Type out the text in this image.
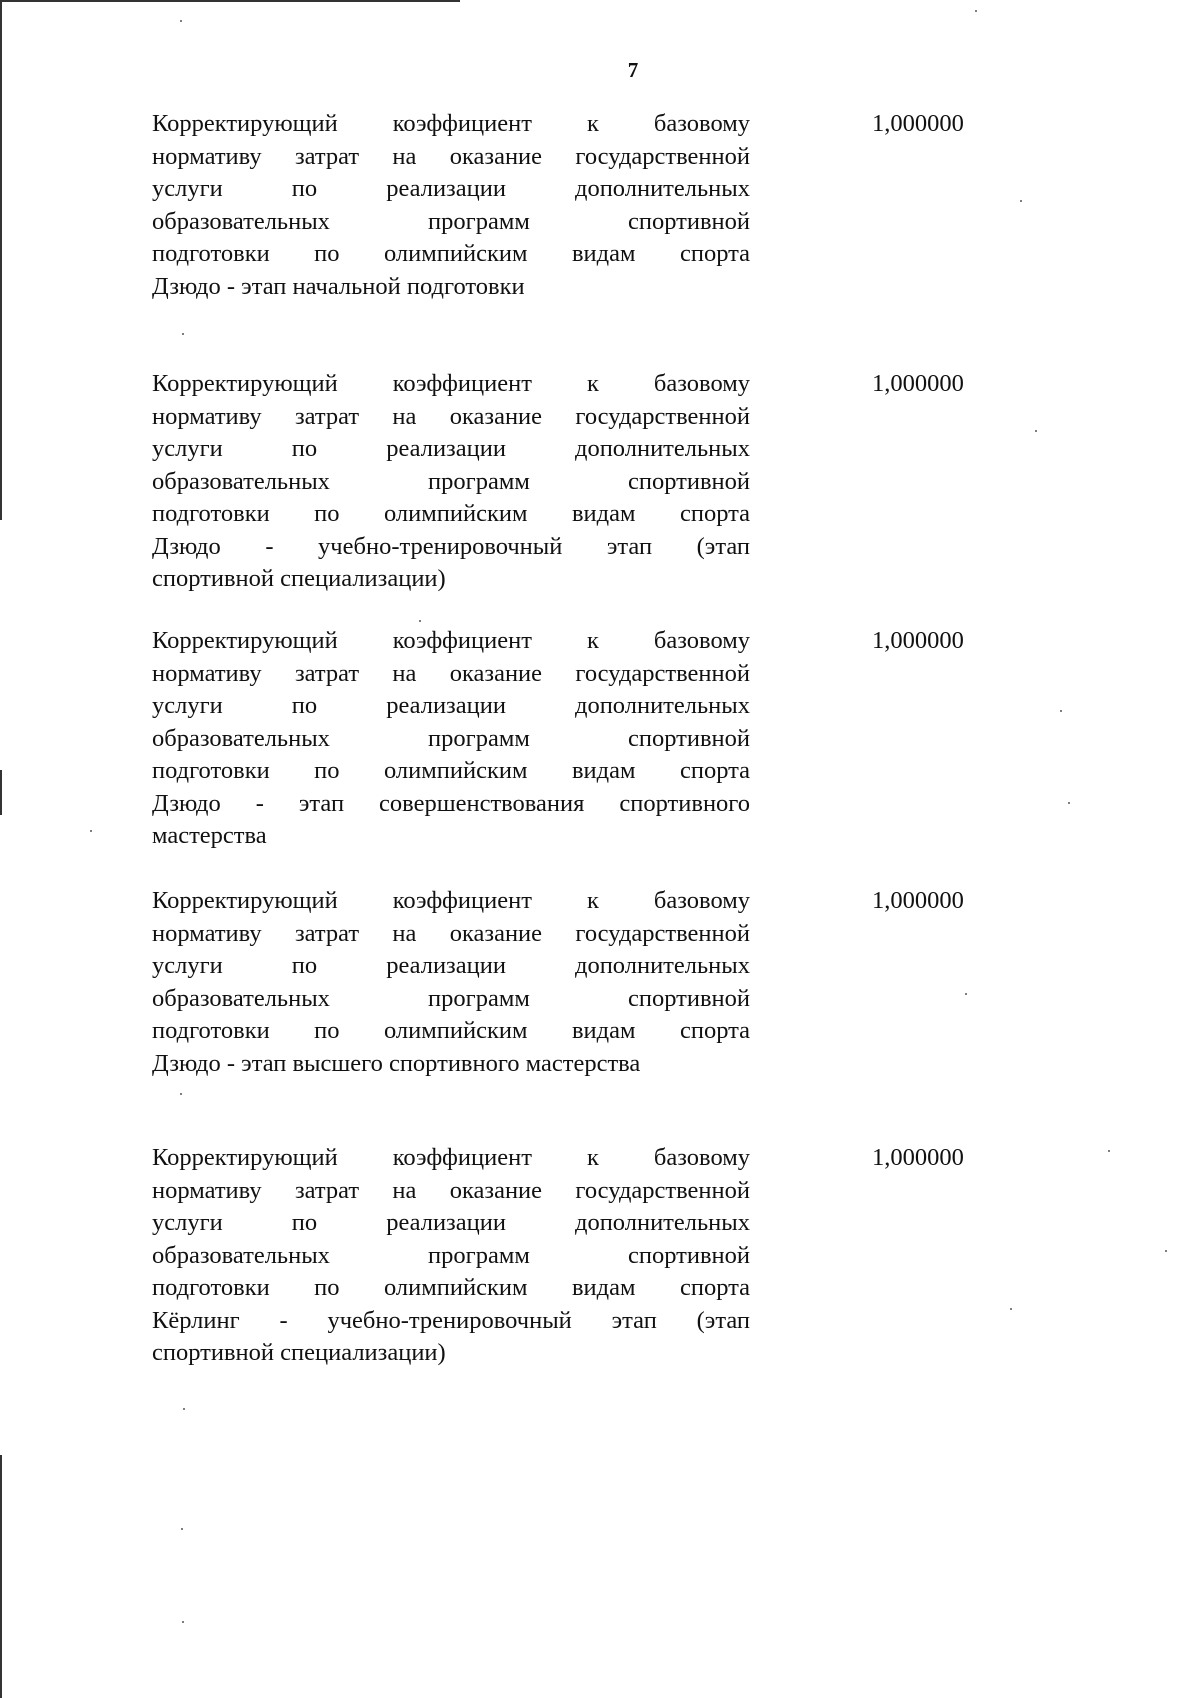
7
Корректирующий коэффициент к базовому
нормативу затрат на оказание государственной
услуги по реализации дополнительных
образовательных программ спортивной
подготовки по олимпийским видам спорта
Дзюдо - этап начальной подготовки
1,000000
Корректирующий коэффициент к базовому
нормативу затрат на оказание государственной
услуги по реализации дополнительных
образовательных программ спортивной
подготовки по олимпийским видам спорта
Дзюдо - учебно-тренировочный этап (этап
спортивной специализации)
1,000000
Корректирующий коэффициент к базовому
нормативу затрат на оказание государственной
услуги по реализации дополнительных
образовательных программ спортивной
подготовки по олимпийским видам спорта
Дзюдо - этап совершенствования спортивного
мастерства
1,000000
Корректирующий коэффициент к базовому
нормативу затрат на оказание государственной
услуги по реализации дополнительных
образовательных программ спортивной
подготовки по олимпийским видам спорта
Дзюдо - этап высшего спортивного мастерства
1,000000
Корректирующий коэффициент к базовому
нормативу затрат на оказание государственной
услуги по реализации дополнительных
образовательных программ спортивной
подготовки по олимпийским видам спорта
Кёрлинг - учебно-тренировочный этап (этап
спортивной специализации)
1,000000
